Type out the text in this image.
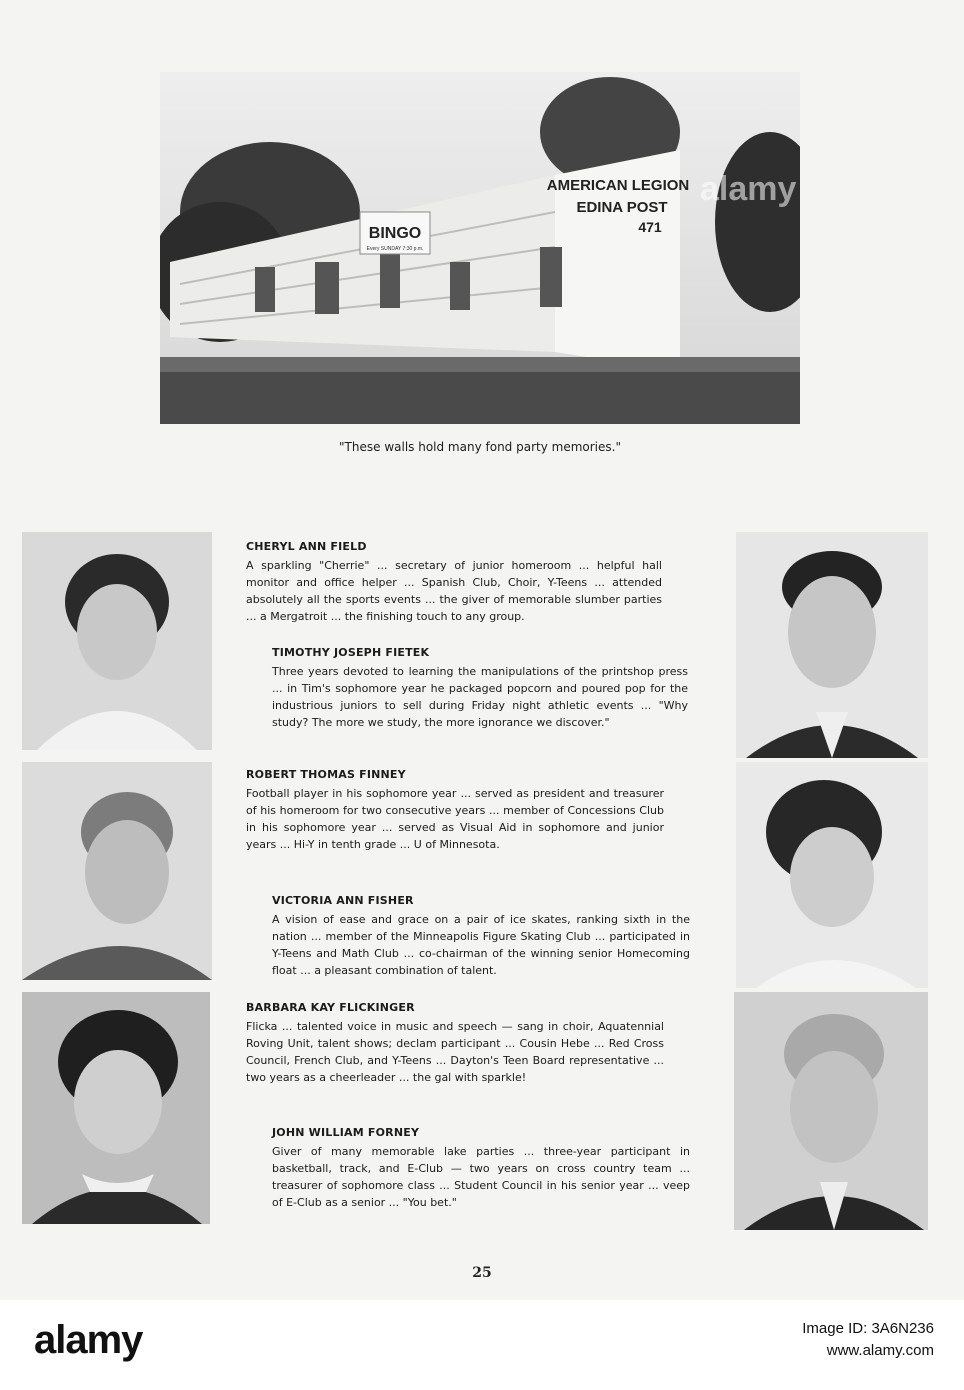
BINGO
Every SUNDAY 7:30 p.m.
AMERICAN LEGION
EDINA POST
471
"These walls hold many fond party memories."
CHERYL ANN FIELD

A sparkling "Cherrie" ... secretary of junior homeroom ... helpful hall monitor and office helper ... Spanish Club, Choir, Y-Teens ... attended absolutely all the sports events ... the giver of memorable slumber parties ... a Mergatroit ... the finishing touch to any group.

TIMOTHY JOSEPH FIETEK

Three years devoted to learning the manipulations of the printshop press ... in Tim's sophomore year he packaged popcorn and poured pop for the industrious juniors to sell during Friday night athletic events ... "Why study? The more we study, the more ignorance we discover."

ROBERT THOMAS FINNEY

Football player in his sophomore year ... served as president and treasurer of his homeroom for two consecutive years ... member of Concessions Club in his sophomore year ... served as Visual Aid in sophomore and junior years ... Hi-Y in tenth grade ... U of Minnesota.

VICTORIA ANN FISHER

A vision of ease and grace on a pair of ice skates, ranking sixth in the nation ... member of the Minneapolis Figure Skating Club ... participated in Y-Teens and Math Club ... co-chairman of the winning senior Homecoming float ... a pleasant combination of talent.

BARBARA KAY FLICKINGER

Flicka ... talented voice in music and speech — sang in choir, Aquatennial Roving Unit, talent shows; declam participant ... Cousin Hebe ... Red Cross Council, French Club, and Y-Teens ... Dayton's Teen Board representative ... two years as a cheerleader ... the gal with sparkle!

JOHN WILLIAM FORNEY

Giver of many memorable lake parties ... three-year participant in basketball, track, and E-Club — two years on cross country team ... treasurer of sophomore class ... Student Council in his senior year ... veep of E-Club as a senior ... "You bet."

25
alamy
alamy	Image ID: 3A6N236
www.alamy.com
